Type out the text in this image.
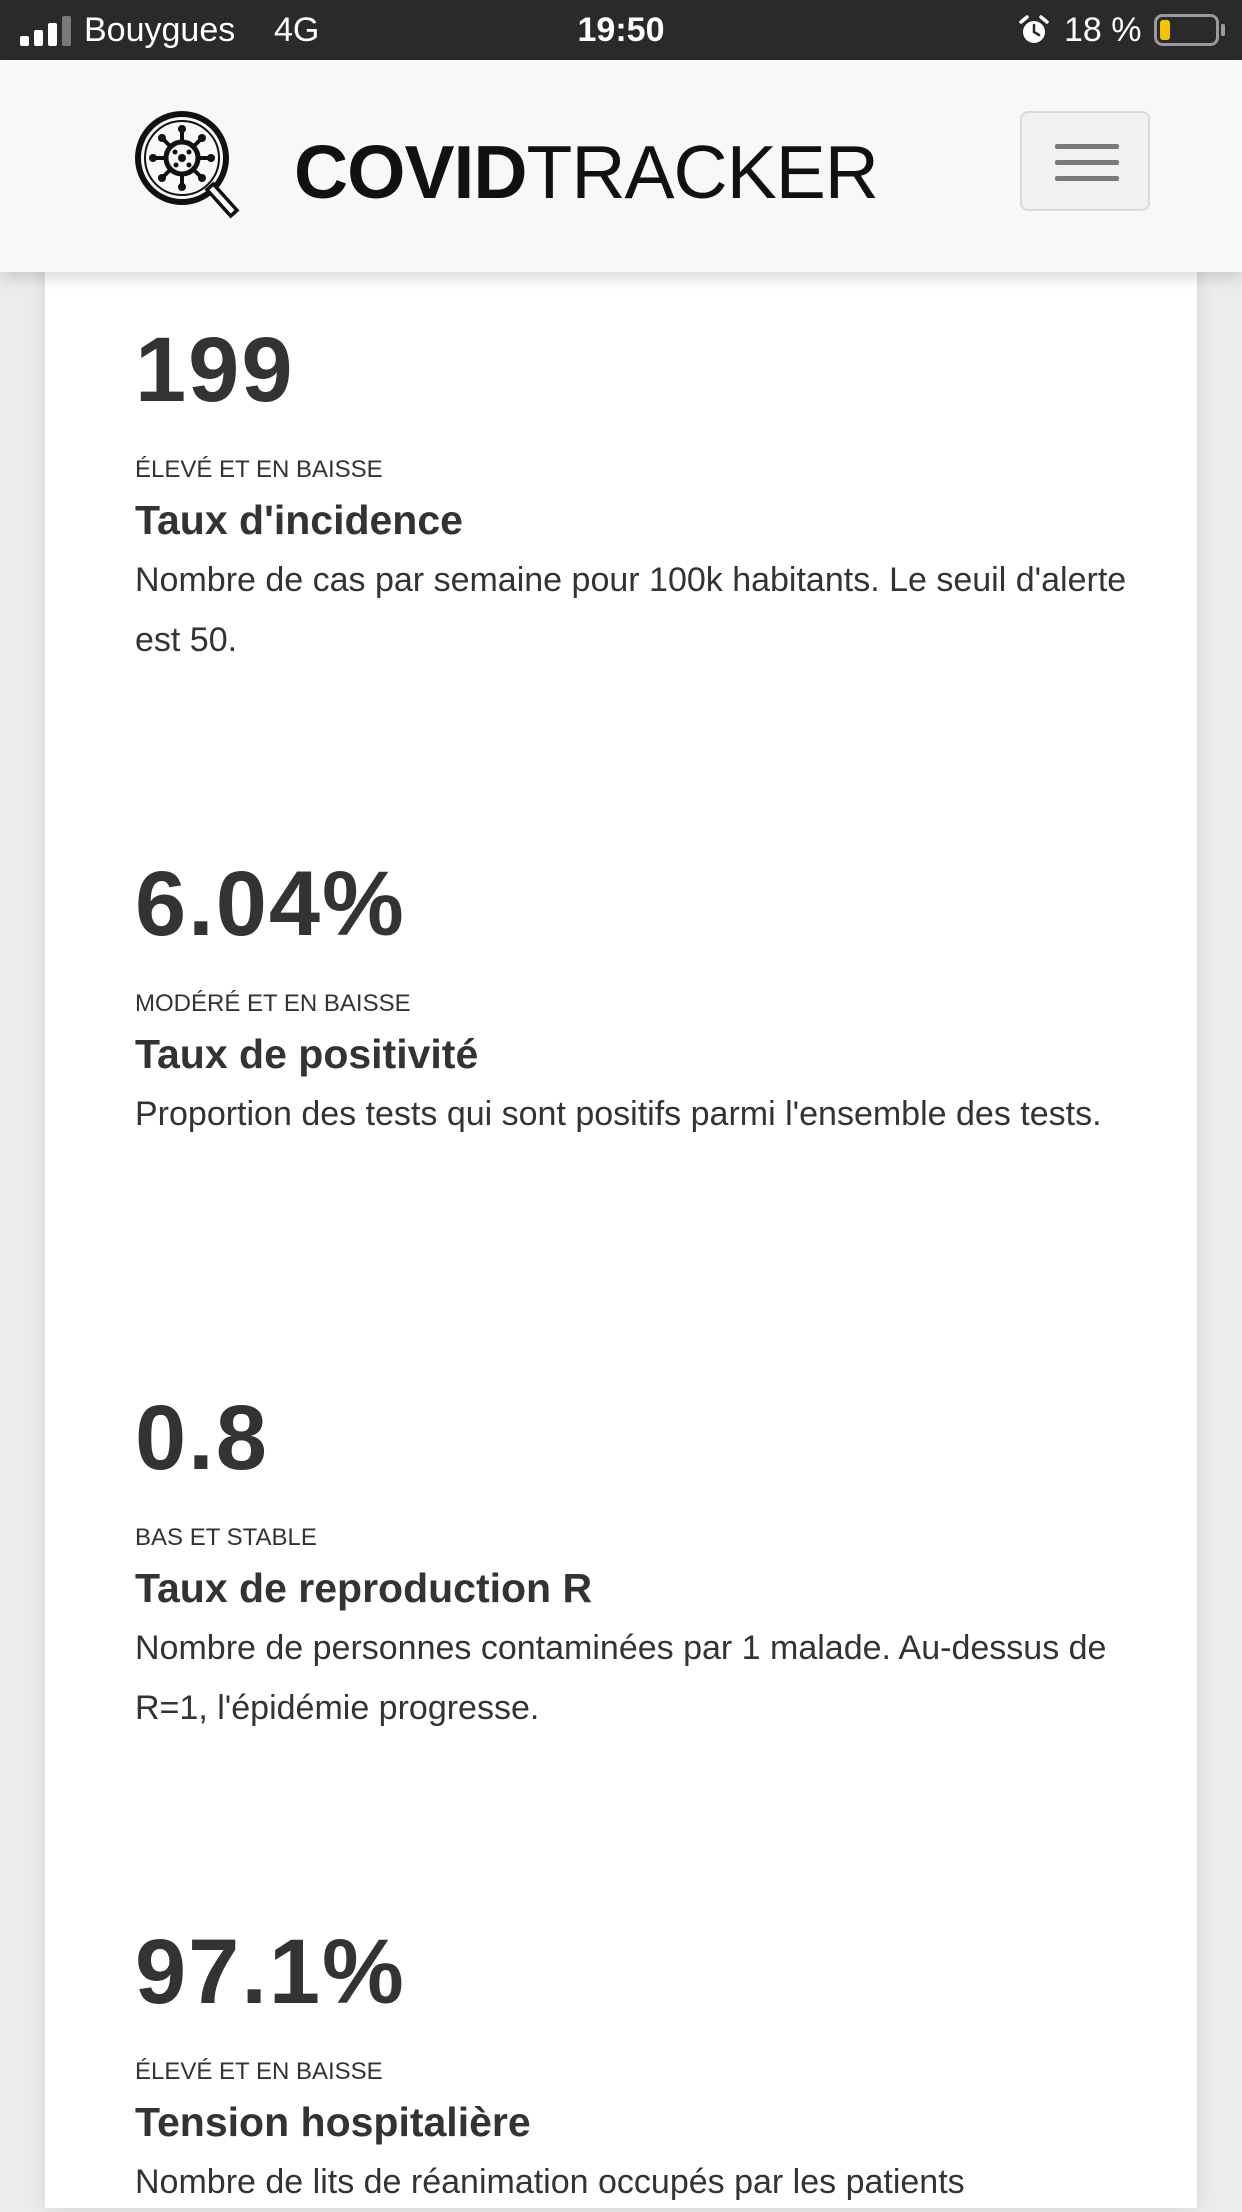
Bouygues 4G	19:50	18 %
COVIDTRACKER
199
ÉLEVÉ ET EN BAISSE
Taux d'incidence
Nombre de cas par semaine pour 100k habitants. Le seuil d'alerte est 50.
6.04%
MODÉRÉ ET EN BAISSE
Taux de positivité
Proportion des tests qui sont positifs parmi l'ensemble des tests.
0.8
BAS ET STABLE
Taux de reproduction R
Nombre de personnes contaminées par 1 malade. Au-dessus de R=1, l'épidémie progresse.
97.1%
ÉLEVÉ ET EN BAISSE
Tension hospitalière
Nombre de lits de réanimation occupés par les patients
